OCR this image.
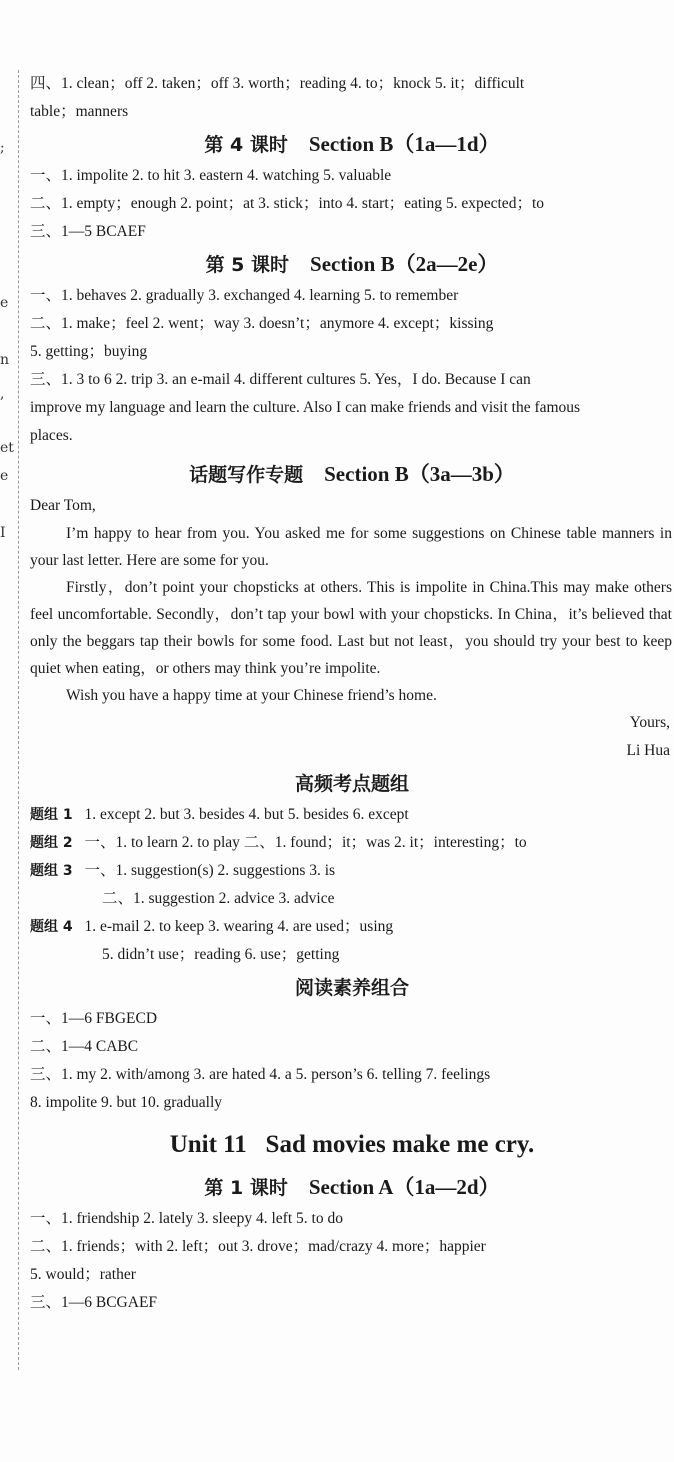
;
e
n
,
et
e
I
四、1. clean；off 2. taken；off 3. worth；reading 4. to；knock 5. it；difficult
table；manners
第 4 课时 Section B（1a—1d）
一、1. impolite 2. to hit 3. eastern 4. watching 5. valuable
二、1. empty；enough 2. point；at 3. stick；into 4. start；eating 5. expected；to
三、1—5 BCAEF
第 5 课时 Section B（2a—2e）
一、1. behaves 2. gradually 3. exchanged 4. learning 5. to remember
二、1. make；feel 2. went；way 3. doesn’t；anymore 4. except；kissing
5. getting；buying
三、1. 3 to 6 2. trip 3. an e-mail 4. different cultures 5. Yes，I do. Because I can
improve my language and learn the culture. Also I can make friends and visit the famous
places.
话题写作专题 Section B（3a—3b）
Dear Tom,
I’m happy to hear from you. You asked me for some suggestions on Chinese table manners in your last letter. Here are some for you.
Firstly，don’t point your chopsticks at others. This is impolite in China.This may make others feel uncomfortable. Secondly，don’t tap your bowl with your chopsticks. In China，it’s believed that only the beggars tap their bowls for some food. Last but not least，you should try your best to keep quiet when eating，or others may think you’re impolite.
Wish you have a happy time at your Chinese friend’s home.
Yours,
Li Hua
高频考点题组
题组 1 1. except 2. but 3. besides 4. but 5. besides 6. except
题组 2 一、1. to learn 2. to play 二、1. found；it；was 2. it；interesting；to
题组 3 一、1. suggestion(s) 2. suggestions 3. is
二、1. suggestion 2. advice 3. advice
题组 4 1. e-mail 2. to keep 3. wearing 4. are used；using
5. didn’t use；reading 6. use；getting
阅读素养组合
一、1—6 FBGECD
二、1—4 CABC
三、1. my 2. with/among 3. are hated 4. a 5. person’s 6. telling 7. feelings
8. impolite 9. but 10. gradually
Unit 11   Sad movies make me cry.
第 1 课时 Section A（1a—2d）
一、1. friendship 2. lately 3. sleepy 4. left 5. to do
二、1. friends；with 2. left；out 3. drove；mad/crazy 4. more；happier
5. would；rather
三、1—6 BCGAEF
